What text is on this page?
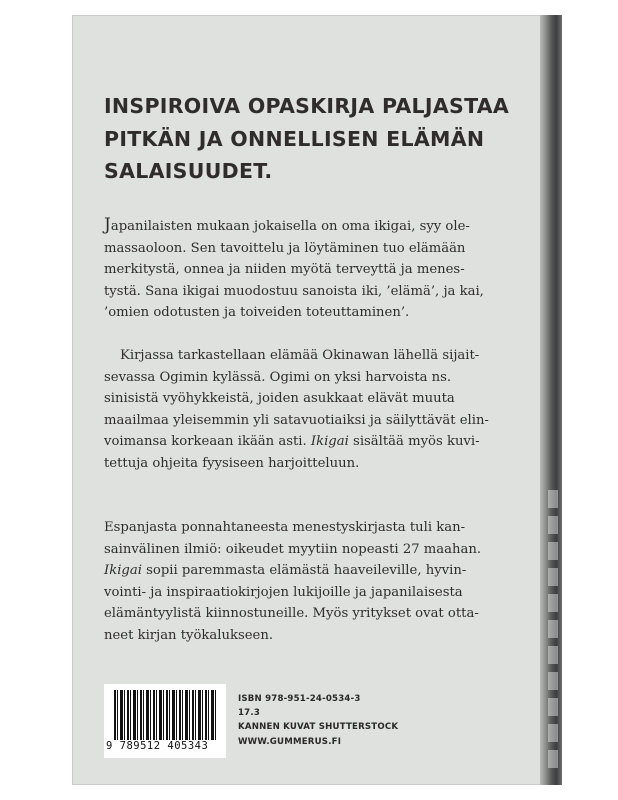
INSPIROIVA OPASKIRJA PALJASTAA
PITKÄN JA ONNELLISEN ELÄMÄN
SALAISUUDET.
Japanilaisten mukaan jokaisella on oma ikigai, syy ole-
massaoloon. Sen tavoittelu ja löytäminen tuo elämään
merkitystä, onnea ja niiden myötä terveyttä ja menes-
tystä. Sana ikigai muodostuu sanoista iki, ’elämä’, ja kai,
’omien odotusten ja toiveiden toteuttaminen’.
Kirjassa tarkastellaan elämää Okinawan lähellä sijait-
sevassa Ogimin kylässä. Ogimi on yksi harvoista ns.
sinisistä vyöhykkeistä, joiden asukkaat elävät muuta
maailmaa yleisemmin yli satavuotiaiksi ja säilyttävät elin-
voimansa korkeaan ikään asti. Ikigai sisältää myös kuvi-
tettuja ohjeita fyysiseen harjoitteluun.
Espanjasta ponnahtaneesta menestyskirjasta tuli kan-
sainvälinen ilmiö: oikeudet myytiin nopeasti 27 maahan.
Ikigai sopii paremmasta elämästä haaveileville, hyvin-
vointi- ja inspiraatiokirjojen lukijoille ja japanilaisesta
elämäntyylistä kiinnostuneille. Myös yritykset ovat otta-
neet kirjan työkalukseen.
9 789512 405343
ISBN 978-951-24-0534-3
17.3
KANNEN KUVAT SHUTTERSTOCK
WWW.GUMMERUS.FI
